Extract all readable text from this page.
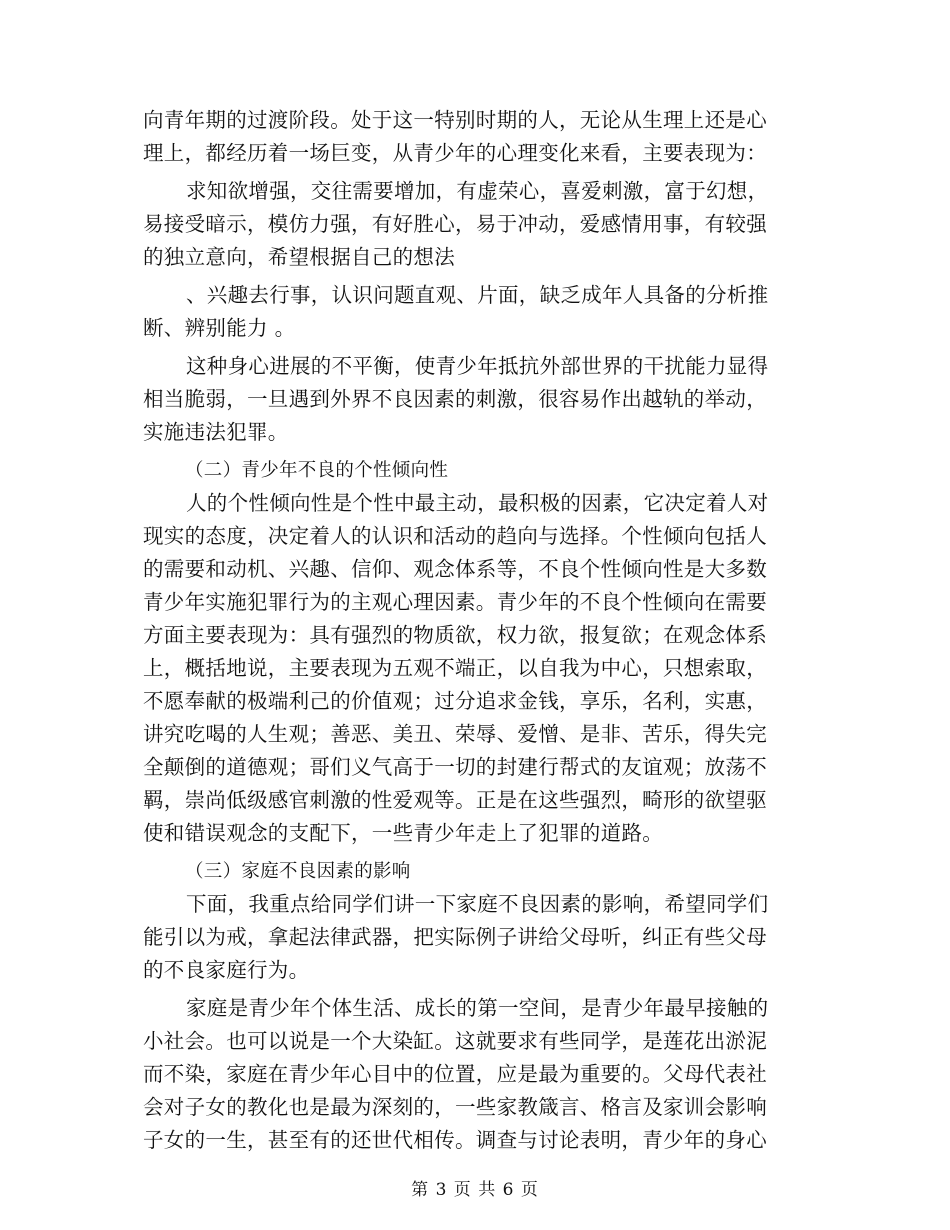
向青年期的过渡阶段。处于这一特别时期的人，无论从生理上还是心
理上，都经历着一场巨变，从青少年的心理变化来看，主要表现为：
求知欲增强，交往需要增加，有虚荣心，喜爱刺激，富于幻想，
易接受暗示，模仿力强，有好胜心，易于冲动，爱感情用事，有较强
的独立意向，希望根据自己的想法
、兴趣去行事，认识问题直观、片面，缺乏成年人具备的分析推
断、辨别能力 。
这种身心进展的不平衡，使青少年抵抗外部世界的干扰能力显得
相当脆弱，一旦遇到外界不良因素的刺激，很容易作出越轨的举动，
实施违法犯罪。
（二）青少年不良的个性倾向性
人的个性倾向性是个性中最主动，最积极的因素，它决定着人对
现实的态度，决定着人的认识和活动的趋向与选择。个性倾向包括人
的需要和动机、兴趣、信仰、观念体系等，不良个性倾向性是大多数
青少年实施犯罪行为的主观心理因素。青少年的不良个性倾向在需要
方面主要表现为：具有强烈的物质欲，权力欲，报复欲；在观念体系
上，概括地说，主要表现为五观不端正，以自我为中心，只想索取，
不愿奉献的极端利己的价值观；过分追求金钱，享乐，名利，实惠，
讲究吃喝的人生观；善恶、美丑、荣辱、爱憎、是非、苦乐，得失完
全颠倒的道德观；哥们义气高于一切的封建行帮式的友谊观；放荡不
羁，崇尚低级感官刺激的性爱观等。正是在这些强烈，畸形的欲望驱
使和错误观念的支配下，一些青少年走上了犯罪的道路。
（三）家庭不良因素的影响
下面，我重点给同学们讲一下家庭不良因素的影响，希望同学们
能引以为戒，拿起法律武器，把实际例子讲给父母听，纠正有些父母
的不良家庭行为。
家庭是青少年个体生活、成长的第一空间，是青少年最早接触的
小社会。也可以说是一个大染缸。这就要求有些同学，是莲花出淤泥
而不染，家庭在青少年心目中的位置，应是最为重要的。父母代表社
会对子女的教化也是最为深刻的，一些家教箴言、格言及家训会影响
子女的一生，甚至有的还世代相传。调查与讨论表明，青少年的身心
第 3 页 共 6 页
